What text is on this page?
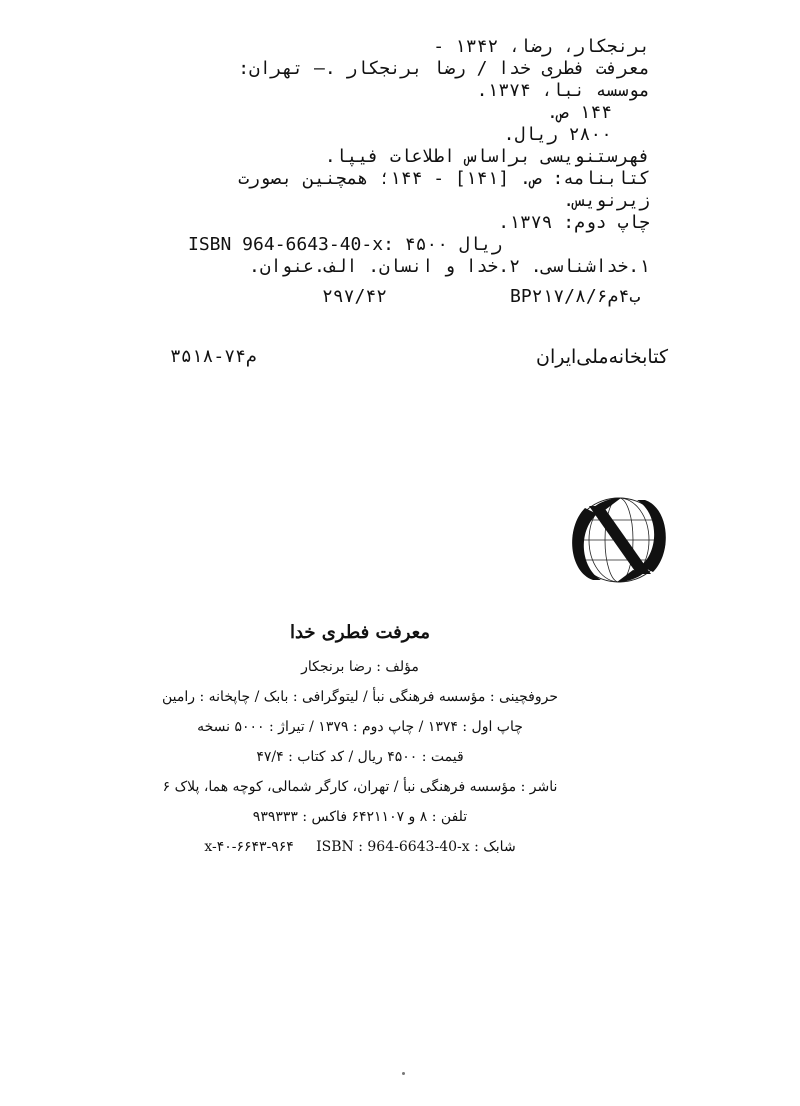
برنجکار، رضا، ۱۳۴۲ -
معرفت فطری خدا / رضا برنجکار .— تهران:
موسسه نبا، ۱۳۷۴.
۱۴۴ ص.
۲۸۰۰ ریال.
فهرستنویسی براساس اطلاعات فیپا.
کتابنامه: ص. [۱۴۱] - ۱۴۴؛ همچنین بصورت
زیرنویس.
چاپ دوم: ۱۳۷۹.
ISBN 964-6643-40-x: ۴۵۰۰ ریال
۱.خداشناسی. ۲.خدا و انسان. الف.عنوان.
۲۹۷/۴۲	BP۲۱۷/۸/ب۴م۶
کتابخانه‌ملی‌ایران
م۷۴-۳۵۱۸
معرفت فطری خدا
مؤلف : رضا برنجکار
حروفچینی : مؤسسه فرهنگی نبأ / لیتوگرافی : بابک / چاپخانه : رامین
چاپ اول : ۱۳۷۴ / چاپ دوم : ۱۳۷۹ / تیراژ : ۵۰۰۰ نسخه
قیمت : ۴۵۰۰ ریال / کد کتاب : ۴۷/۴
ناشر : مؤسسه فرهنگی نبأ / تهران، کارگر شمالی، کوچه هما، پلاک ۶
تلفن : ۸ و ۶۴۲۱۱۰۷ فاکس : ۹۳۹۳۳۳
شابک : x-۴۰-۶۶۴۳-۹۶۴     ISBN : 964-6643-40-x
